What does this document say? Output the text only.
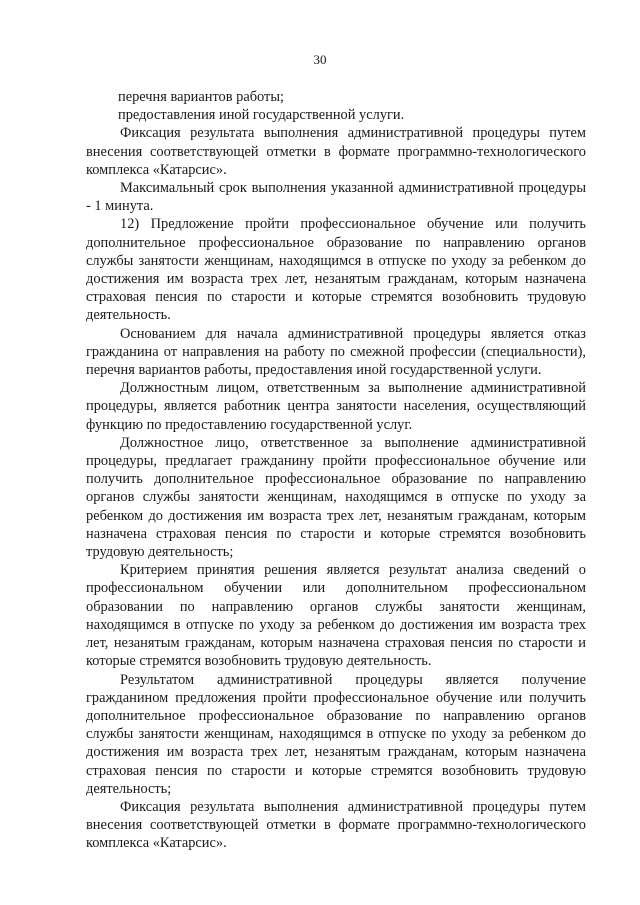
30

перечня вариантов работы;

предоставления иной государственной услуги.

Фиксация результата выполнения административной процедуры путем внесения соответствующей отметки в формате программно-технологического комплекса «Катарсис».

Максимальный срок выполнения указанной административной процедуры - 1 минута.

12) Предложение пройти профессиональное обучение или получить дополнительное профессиональное образование по направлению органов службы занятости женщинам, находящимся в отпуске по уходу за ребенком до достижения им возраста трех лет, незанятым гражданам, которым назначена страховая пенсия по старости и которые стремятся возобновить трудовую деятельность.

Основанием для начала административной процедуры является отказ гражданина от направления на работу по смежной профессии (специальности), перечня вариантов работы, предоставления иной государственной услуги.

Должностным лицом, ответственным за выполнение административной процедуры, является работник центра занятости населения, осуществляющий функцию по предоставлению государственной услуг.

Должностное лицо, ответственное за выполнение административной процедуры, предлагает гражданину пройти профессиональное обучение или получить дополнительное профессиональное образование по направлению органов службы занятости женщинам, находящимся в отпуске по уходу за ребенком до достижения им возраста трех лет, незанятым гражданам, которым назначена страховая пенсия по старости и которые стремятся возобновить трудовую деятельность;

Критерием принятия решения является результат анализа сведений о профессиональном обучении или дополнительном профессиональном образовании по направлению органов службы занятости женщинам, находящимся в отпуске по уходу за ребенком до достижения им возраста трех лет, незанятым гражданам, которым назначена страховая пенсия по старости и которые стремятся возобновить трудовую деятельность.

Результатом административной процедуры является получение гражданином предложения пройти профессиональное обучение или получить дополнительное профессиональное образование по направлению органов службы занятости женщинам, находящимся в отпуске по уходу за ребенком до достижения им возраста трех лет, незанятым гражданам, которым назначена страховая пенсия по старости и которые стремятся возобновить трудовую деятельность;

Фиксация результата выполнения административной процедуры путем внесения соответствующей отметки в формате программно-технологического комплекса «Катарсис».
